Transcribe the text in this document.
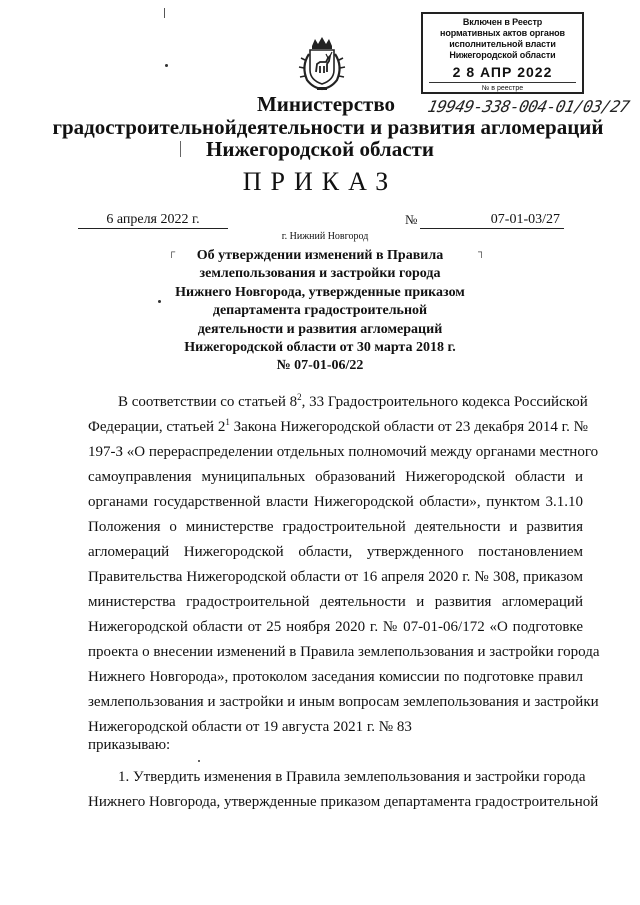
Включен в Реестр
нормативных актов органов
исполнительной власти
Нижегородской области
2 8 АПР 2022
№ в реестре
19949-338-004-01/03/27
Министерство
градостроительнойдеятельности и развития агломераций
Нижегородской области
ПРИКАЗ
6 апреля 2022 г.	№	07-01-03/27
г. Нижний Новгород
┌	┐
Об утверждении изменений в Правила
землепользования и застройки города
Нижнего Новгорода, утвержденные приказом
департамента градостроительной
деятельности и развития агломераций
Нижегородской области от 30 марта 2018 г.
№ 07-01-06/22
В соответствии со статьей $8^2$, 33 Градостроительного кодекса Российской
Федерации, статьей $2^1$ Закона Нижегородской области от 23 декабря 2014 г. №
197-З «О перераспределении отдельных полномочий между органами местного
самоуправления муниципальных образований Нижегородской области и
органами государственной власти Нижегородской области», пунктом 3.1.10
Положения о министерстве градостроительной деятельности и развития
агломераций Нижегородской области, утвержденного постановлением
Правительства Нижегородской области от 16 апреля 2020 г. № 308, приказом
министерства градостроительной деятельности и развития агломераций
Нижегородской области от 25 ноября 2020 г. № 07-01-06/172 «О подготовке
проекта о внесении изменений в Правила землепользования и застройки города
Нижнего Новгорода», протоколом заседания комиссии по подготовке правил
землепользования и застройки и иным вопросам землепользования и застройки
Нижегородской области от 19 августа 2021 г. № 83
приказываю:
1. Утвердить изменения в Правила землепользования и застройки города
Нижнего Новгорода, утвержденные приказом департамента градостроительной
